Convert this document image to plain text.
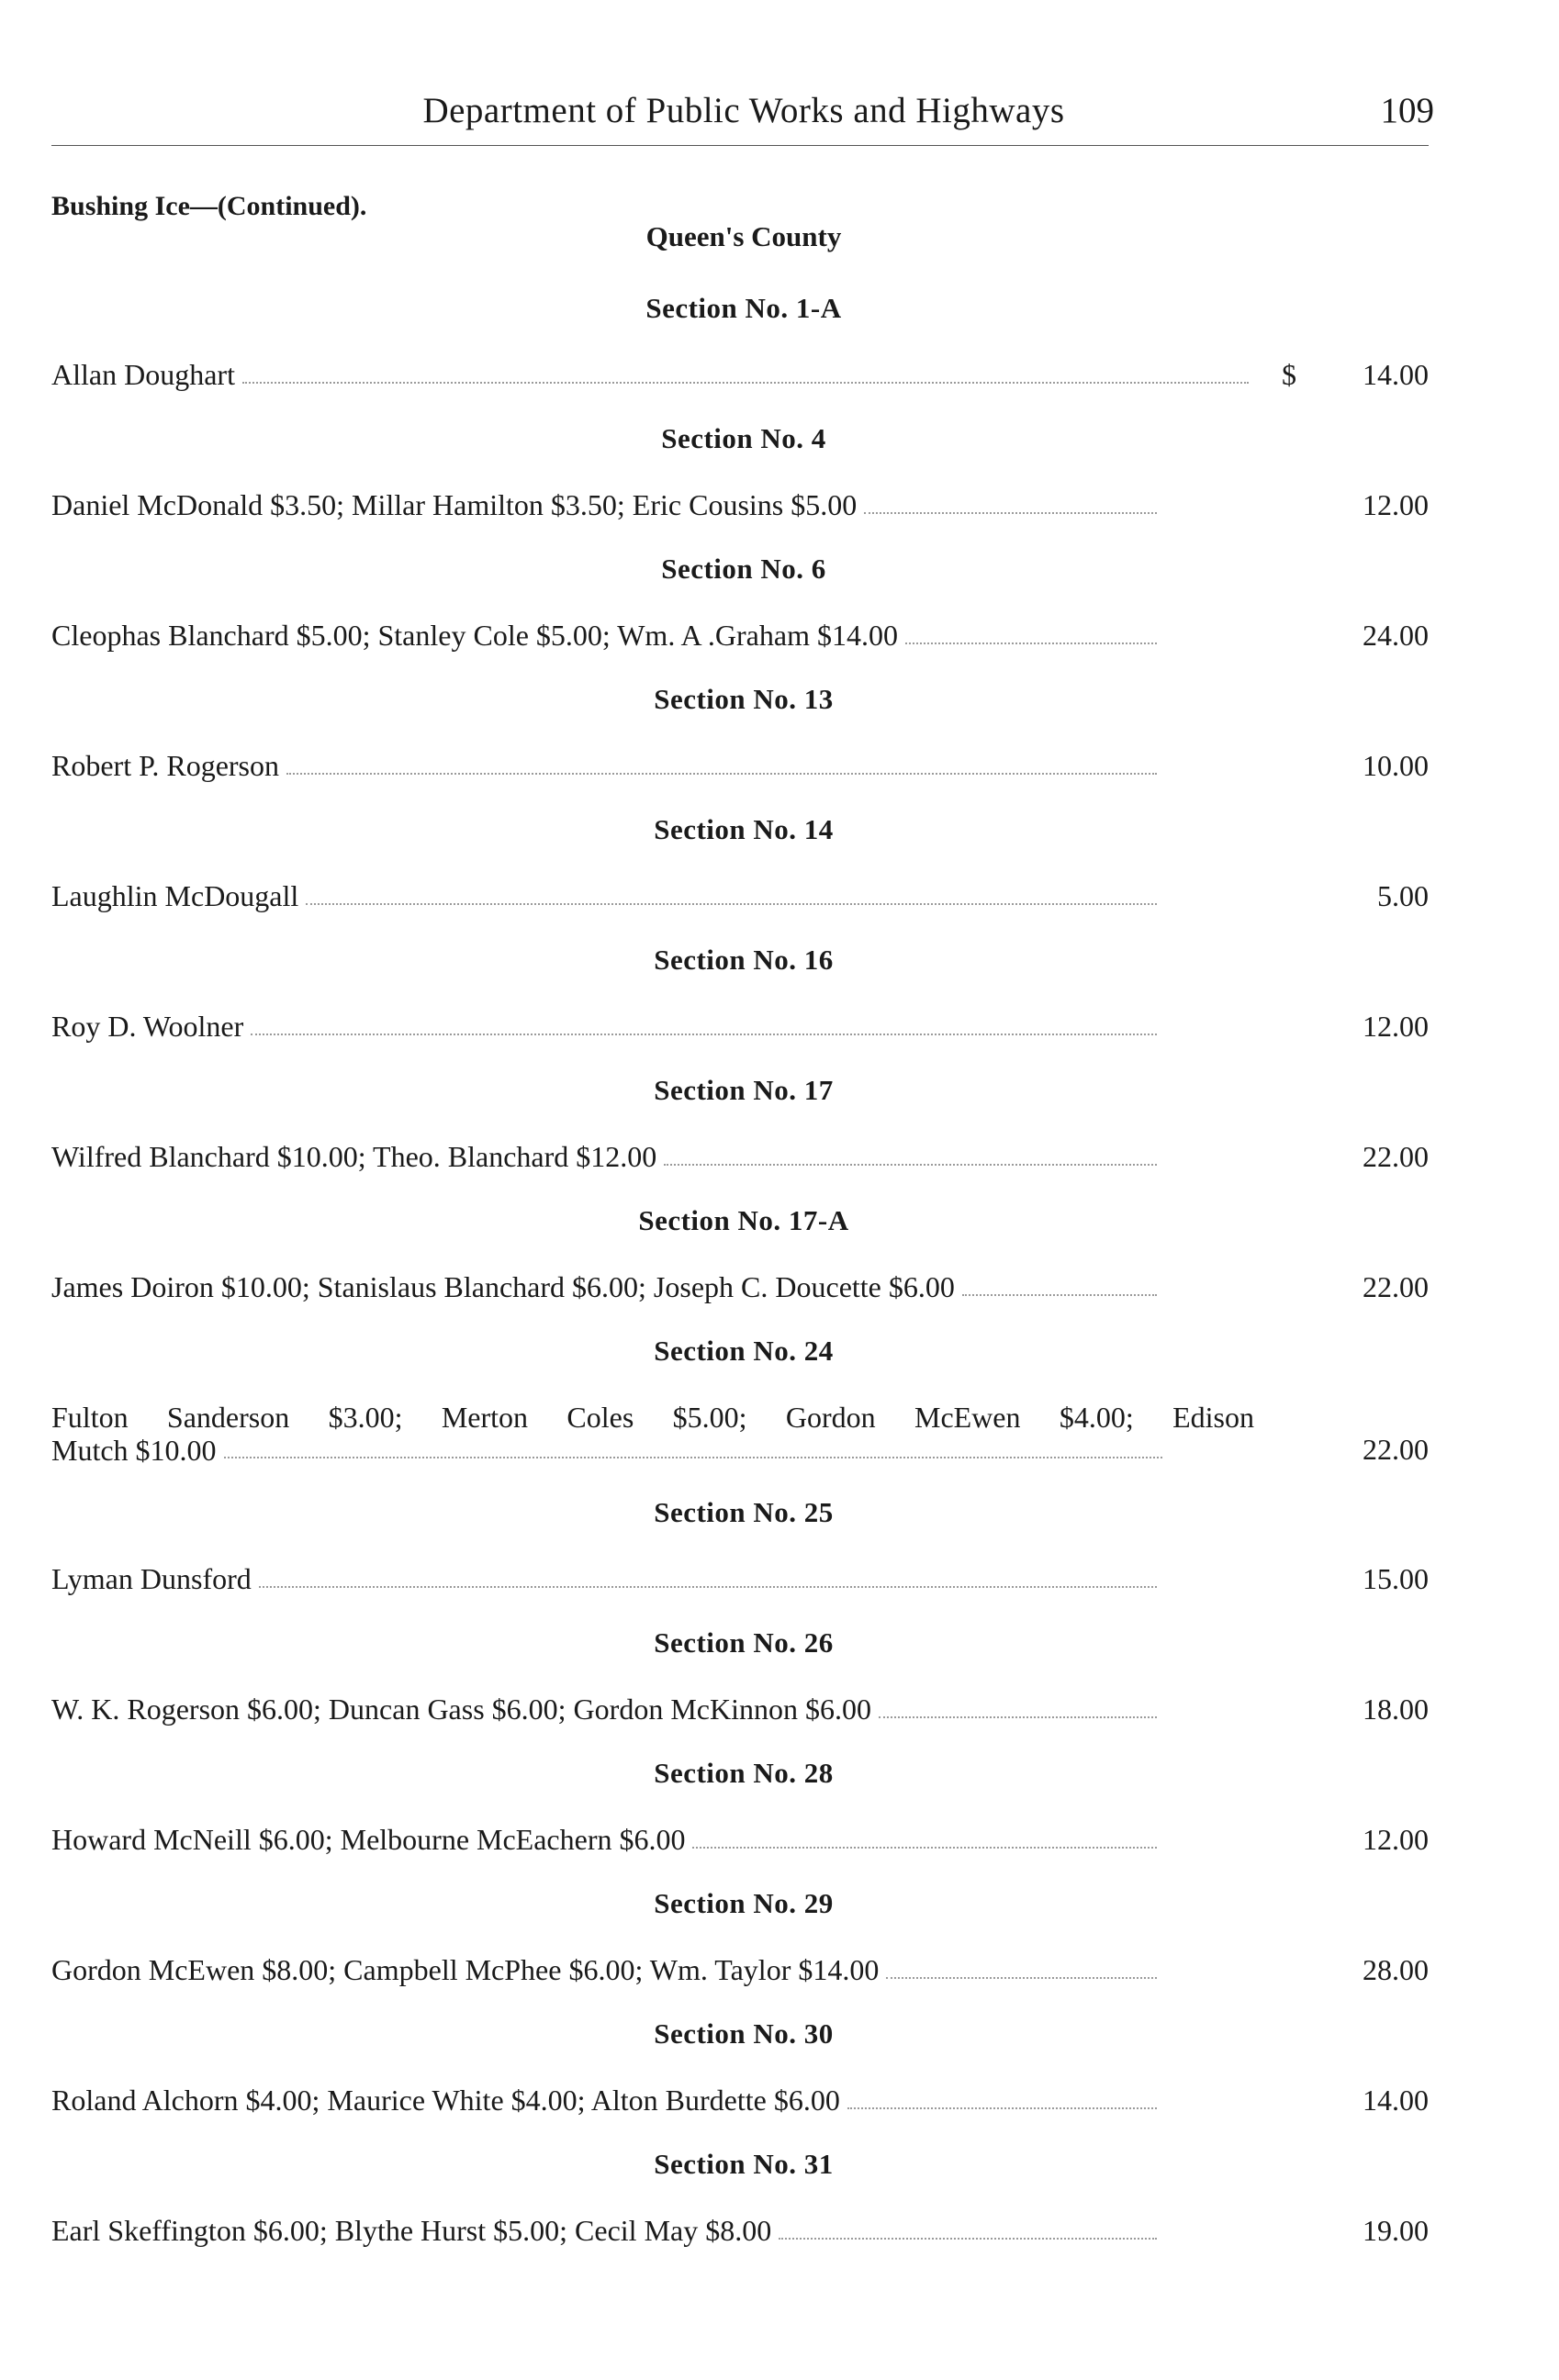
Department of Public Works and Highways	109
Bushing Ice—(Continued).
Queen's County
Section No. 1-A
Allan Doughart	$	14.00
Section No. 4
Daniel McDonald $3.50; Millar Hamilton $3.50; Eric Cousins $5.00	12.00
Section No. 6
Cleophas Blanchard $5.00; Stanley Cole $5.00; Wm. A .Graham $14.00	24.00
Section No. 13
Robert P. Rogerson	10.00
Section No. 14
Laughlin McDougall	5.00
Section No. 16
Roy D. Woolner	12.00
Section No. 17
Wilfred Blanchard $10.00; Theo. Blanchard $12.00	22.00
Section No. 17-A
James Doiron $10.00; Stanislaus Blanchard $6.00; Joseph C. Doucette $6.00	22.00
Section No. 24
Fulton Sanderson $3.00; Merton Coles $5.00; Gordon McEwen $4.00; Edison
Mutch $10.00	22.00
Section No. 25
Lyman Dunsford	15.00
Section No. 26
W. K. Rogerson $6.00; Duncan Gass $6.00; Gordon McKinnon $6.00	18.00
Section No. 28
Howard McNeill $6.00; Melbourne McEachern $6.00	12.00
Section No. 29
Gordon McEwen $8.00; Campbell McPhee $6.00; Wm. Taylor $14.00	28.00
Section No. 30
Roland Alchorn $4.00; Maurice White $4.00; Alton Burdette $6.00	14.00
Section No. 31
Earl Skeffington $6.00; Blythe Hurst $5.00; Cecil May $8.00	19.00
